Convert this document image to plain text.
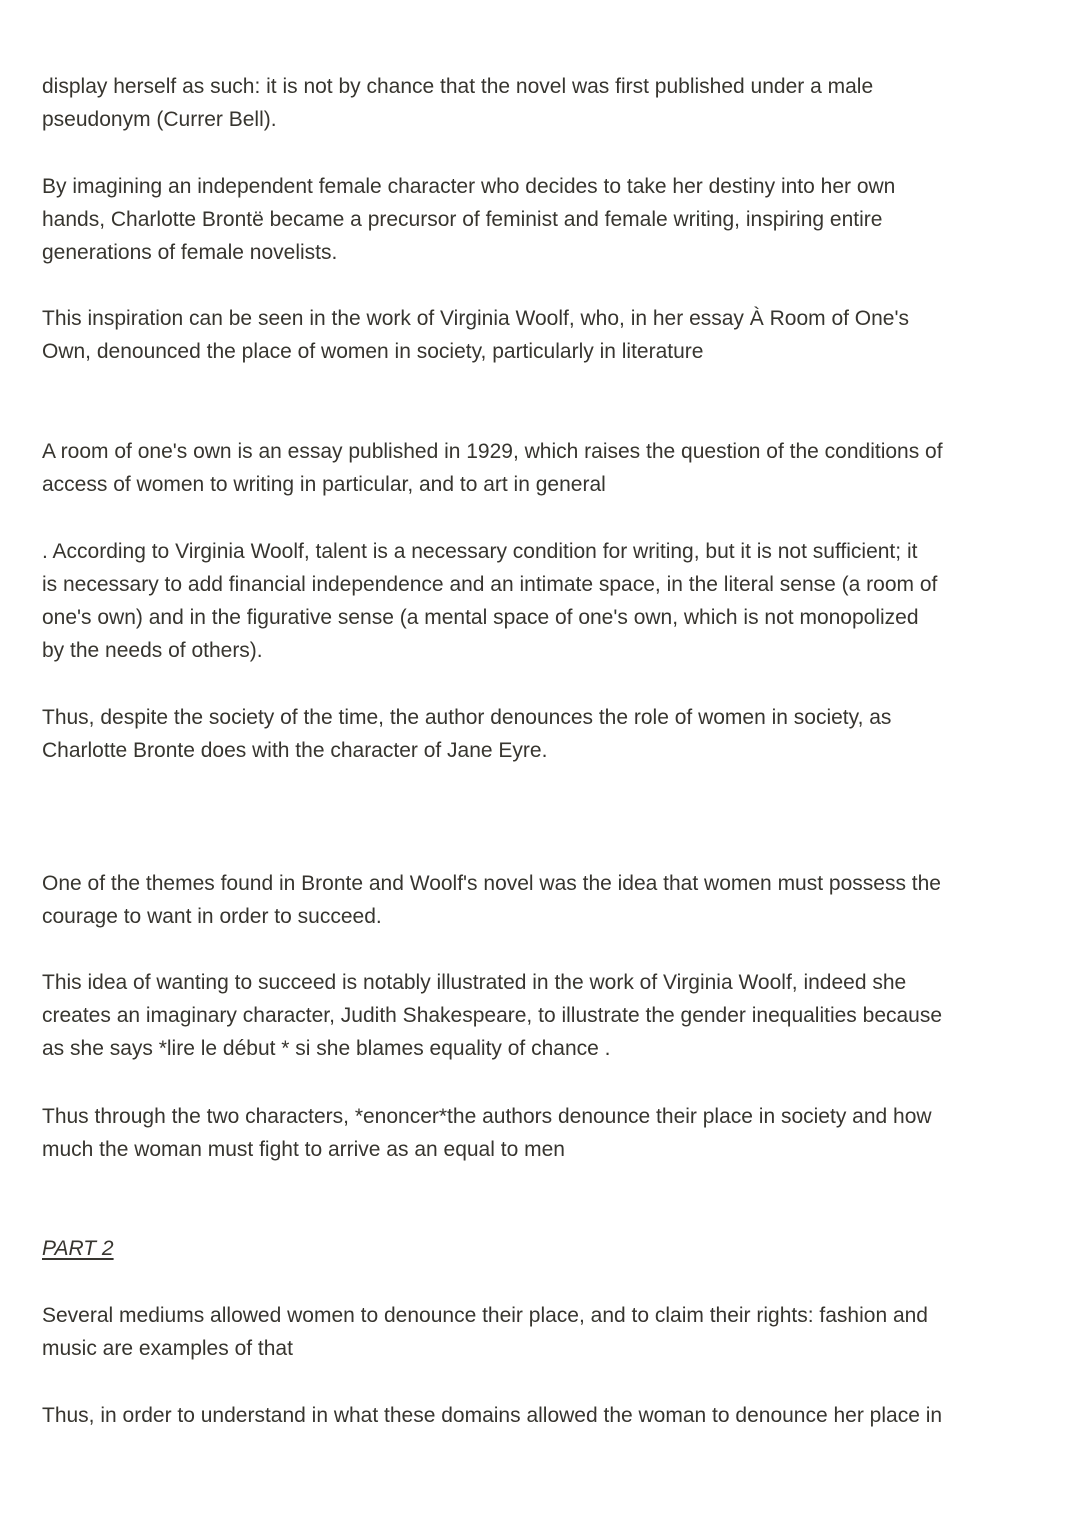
display herself as such: it is not by chance that the novel was first published under a male
pseudonym (Currer Bell).

By imagining an independent female character who decides to take her destiny into her own
hands, Charlotte Brontë became a precursor of feminist and female writing, inspiring entire
generations of female novelists.

This inspiration can be seen in the work of Virginia Woolf, who, in her essay À Room of One's
Own, denounced the place of women in society, particularly in literature

A room of one's own is an essay published in 1929, which raises the question of the conditions of
access of women to writing in particular, and to art in general

. According to Virginia Woolf, talent is a necessary condition for writing, but it is not sufficient; it
is necessary to add financial independence and an intimate space, in the literal sense (a room of
one's own) and in the figurative sense (a mental space of one's own, which is not monopolized
by the needs of others).

Thus, despite the society of the time, the author denounces the role of women in society, as
Charlotte Bronte does with the character of Jane Eyre.

One of the themes found in Bronte and Woolf's novel was the idea that women must possess the
courage to want in order to succeed.

This idea of wanting to succeed is notably illustrated in the work of Virginia Woolf, indeed she
creates an imaginary character, Judith Shakespeare, to illustrate the gender inequalities because
as she says *lire le début * si she blames equality of chance .

Thus through the two characters, *enoncer*the authors denounce their place in society and how
much the woman must fight to arrive as an equal to men

PART 2

Several mediums allowed women to denounce their place, and to claim their rights: fashion and
music are examples of that

Thus, in order to understand in what these domains allowed the woman to denounce her place in
